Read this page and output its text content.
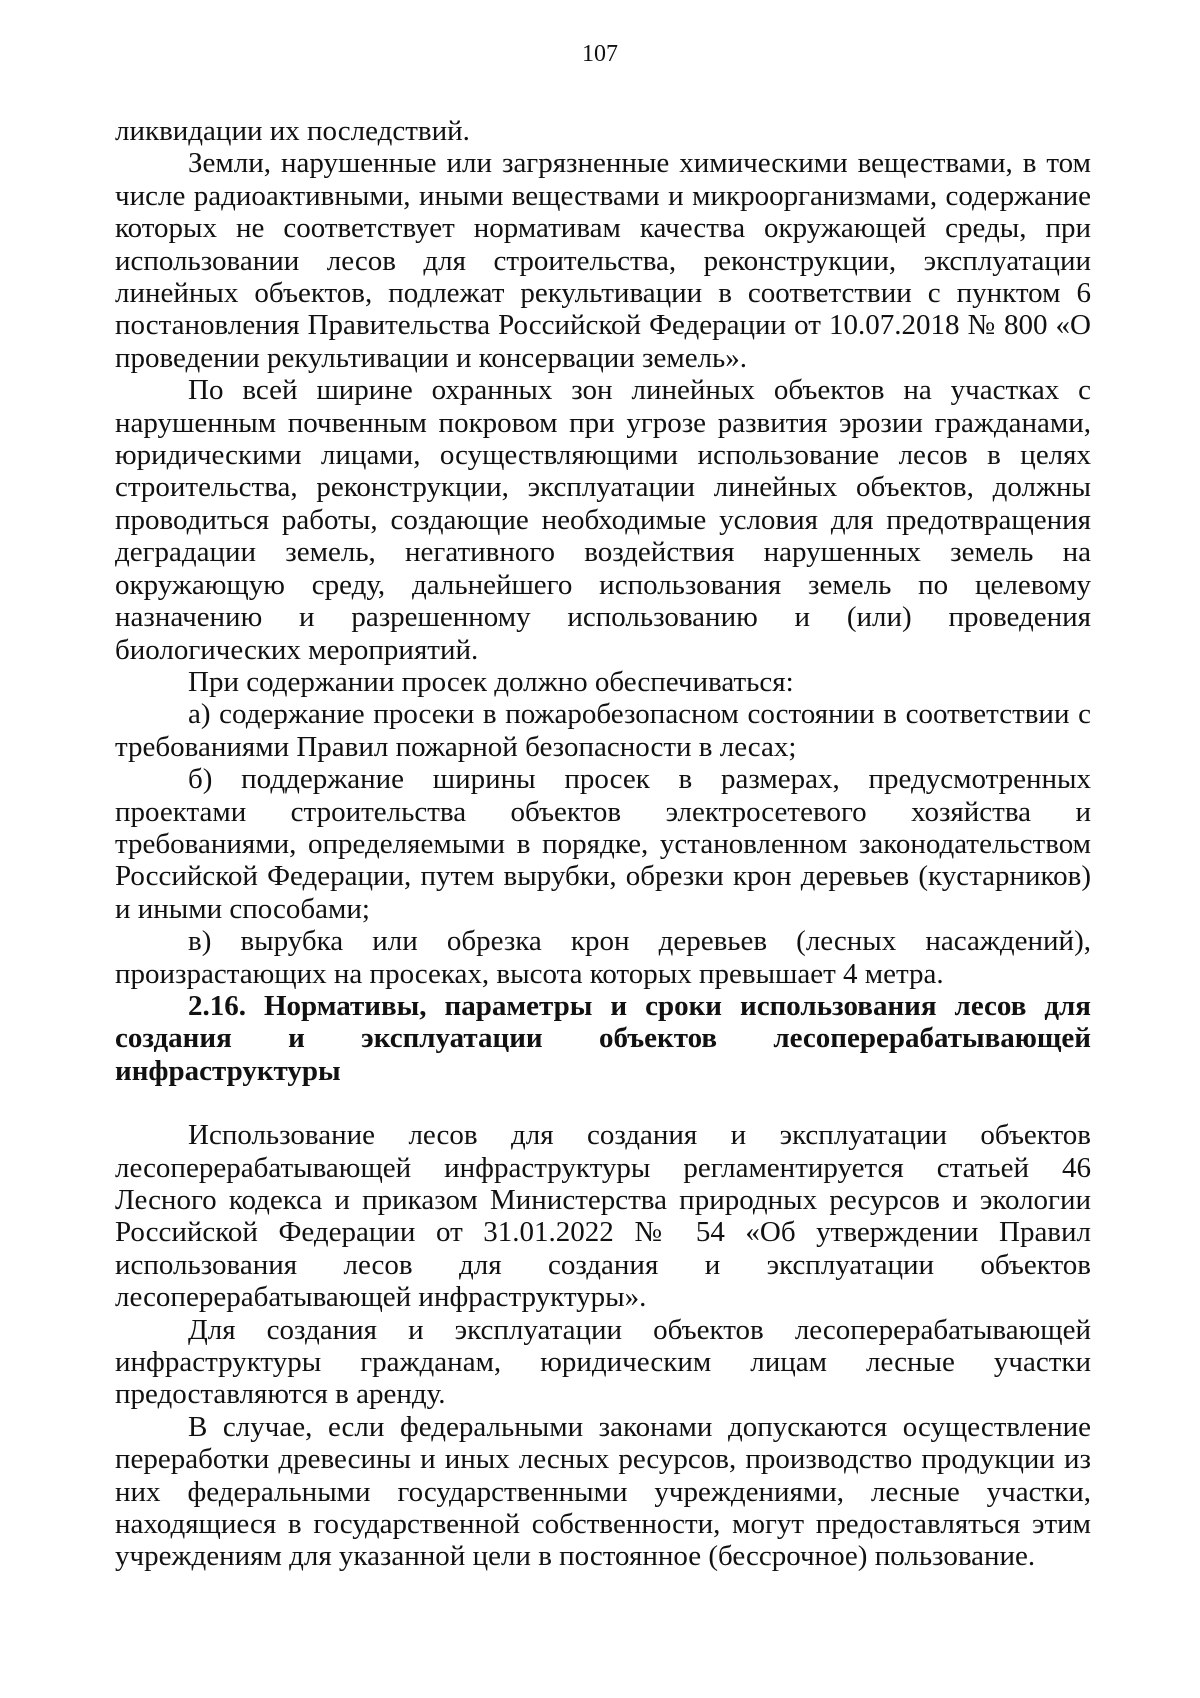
107

ликвидации их последствий.

Земли, нарушенные или загрязненные химическими веществами, в том числе радиоактивными, иными веществами и микроорганизмами, содержание которых не соответствует нормативам качества окружающей среды, при использовании лесов для строительства, реконструкции, эксплуатации линейных объектов, подлежат рекультивации в соответствии с пунктом 6 постановления Правительства Российской Федерации от 10.07.2018 № 800 «О проведении рекультивации и консервации земель».

По всей ширине охранных зон линейных объектов на участках с нарушенным почвенным покровом при угрозе развития эрозии гражданами, юридическими лицами, осуществляющими использование лесов в целях строительства, реконструкции, эксплуатации линейных объектов, должны проводиться работы, создающие необходимые условия для предотвращения деградации земель, негативного воздействия нарушенных земель на окружающую среду, дальнейшего использования земель по целевому назначению и разрешенному использованию и (или) проведения биологических мероприятий.

При содержании просек должно обеспечиваться:

а) содержание просеки в пожаробезопасном состоянии в соответствии с требованиями Правил пожарной безопасности в лесах;

б) поддержание ширины просек в размерах, предусмотренных проектами строительства объектов электросетевого хозяйства и требованиями, определяемыми в порядке, установленном законодательством Российской Федерации, путем вырубки, обрезки крон деревьев (кустарников) и иными способами;

в) вырубка или обрезка крон деревьев (лесных насаждений), произрастающих на просеках, высота которых превышает 4 метра.

2.16. Нормативы, параметры и сроки использования лесов для создания и эксплуатации объектов лесоперерабатывающей инфраструктуры

Использование лесов для создания и эксплуатации объектов лесоперерабатывающей инфраструктуры регламентируется статьей 46 Лесного кодекса и приказом Министерства природных ресурсов и экологии Российской Федерации от 31.01.2022 № 54 «Об утверждении Правил использования лесов для создания и эксплуатации объектов лесоперерабатывающей инфраструктуры».

Для создания и эксплуатации объектов лесоперерабатывающей инфраструктуры гражданам, юридическим лицам лесные участки предоставляются в аренду.

В случае, если федеральными законами допускаются осуществление переработки древесины и иных лесных ресурсов, производство продукции из них федеральными государственными учреждениями, лесные участки, находящиеся в государственной собственности, могут предоставляться этим учреждениям для указанной цели в постоянное (бессрочное) пользование.
